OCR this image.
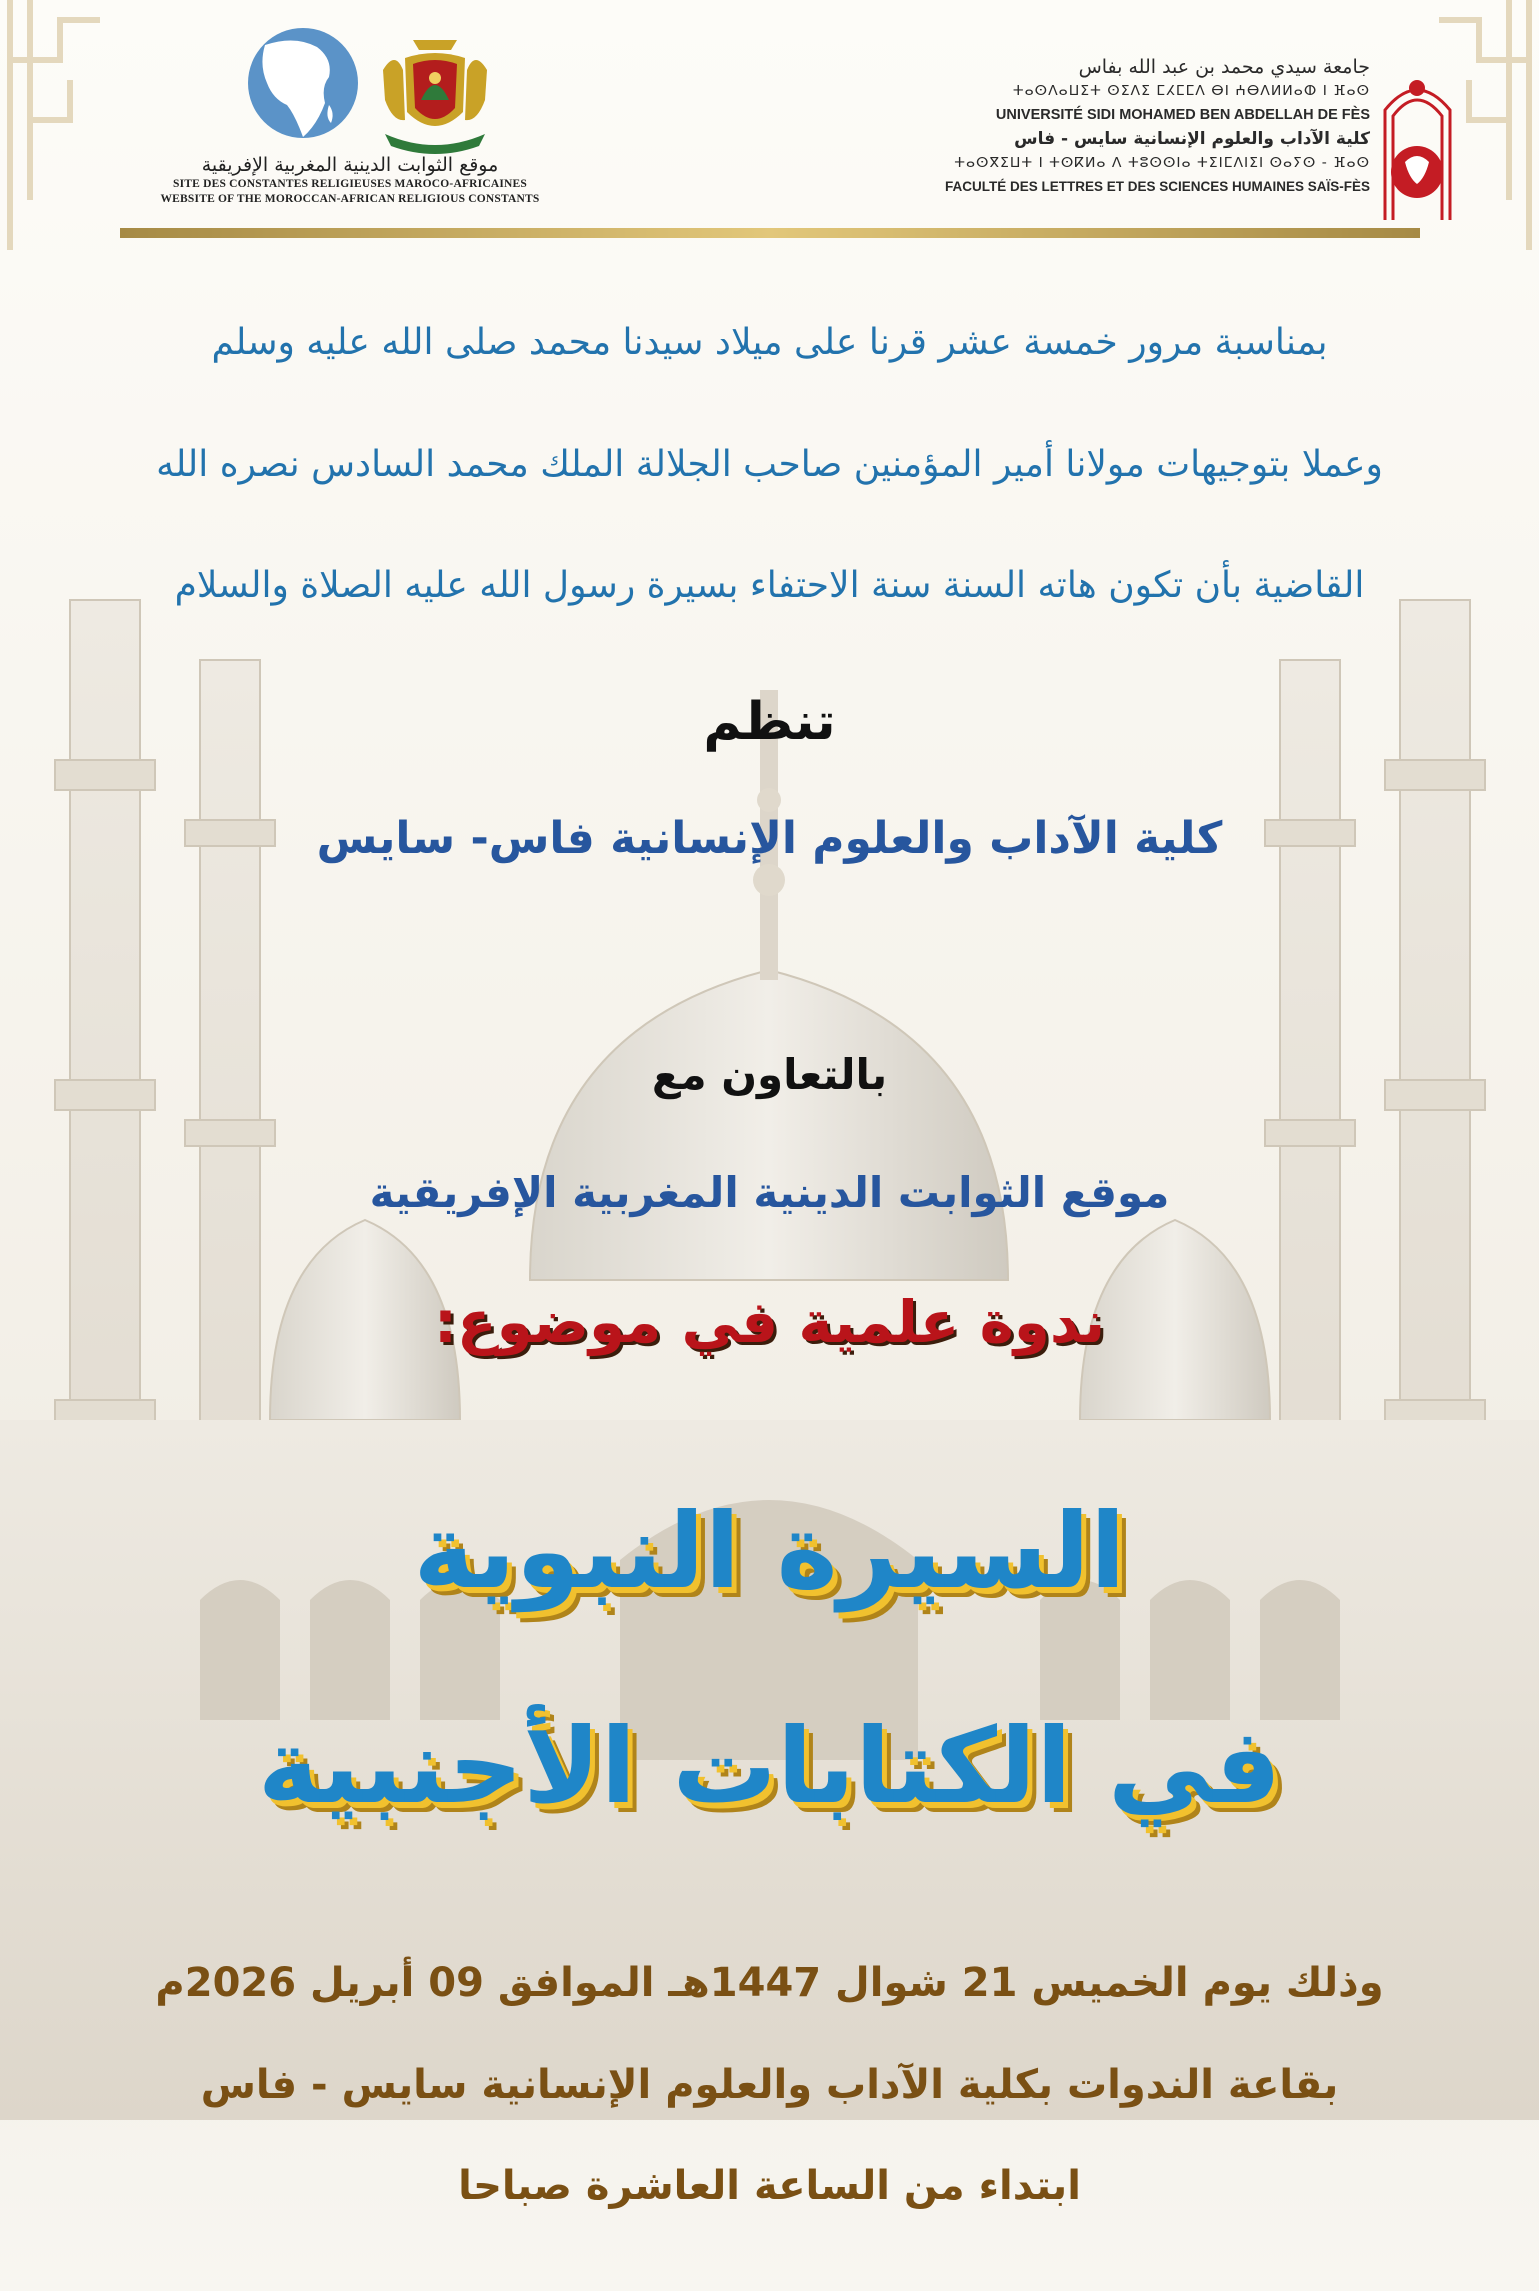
موقع الثوابت الدينية المغربية الإفريقية
SITE DES CONSTANTES RELIGIEUSES MAROCO-AFRICAINES
WEBSITE OF THE MOROCCAN-AFRICAN RELIGIOUS CONSTANTS
جامعة سيدي محمد بن عبد الله بفاس
ⵜⴰⵙⴷⴰⵡⵉⵜ ⵙⵉⴷⵉ ⵎⵃⵎⵎⴷ ⴱⵏ ⵄⴱⴷⵍⵍⴰⵀ ⵏ ⴼⴰⵙ
UNIVERSITÉ SIDI MOHAMED BEN ABDELLAH DE FÈS
كلية الآداب والعلوم الإنسانية سايس - فاس
ⵜⴰⵙⴳⵉⵡⵜ ⵏ ⵜⵙⴽⵍⴰ ⴷ ⵜⵓⵙⵙⵏⴰ ⵜⵉⵏⵎⴷⵏⵉⵏ ⵙⴰⵢⵙ - ⴼⴰⵙ
FACULTÉ DES LETTRES ET DES SCIENCES HUMAINES SAÏS-FÈS
بمناسبة مرور خمسة عشر قرنا على ميلاد سيدنا محمد صلى الله عليه وسلم
وعملا بتوجيهات مولانا أمير المؤمنين صاحب الجلالة الملك محمد السادس نصره الله
القاضية بأن تكون هاته السنة سنة الاحتفاء بسيرة رسول الله عليه الصلاة والسلام
تنظم
كلية الآداب والعلوم الإنسانية فاس- سايس
بالتعاون مع
موقع الثوابت الدينية المغربية الإفريقية
ندوة علمية في موضوع:
السيرة النبوية
في الكتابات الأجنبية
وذلك يوم الخميس 21 شوال 1447هـ الموافق 09 أبريل 2026م
بقاعة الندوات بكلية الآداب والعلوم الإنسانية سايس - فاس
ابتداء من الساعة العاشرة صباحا
